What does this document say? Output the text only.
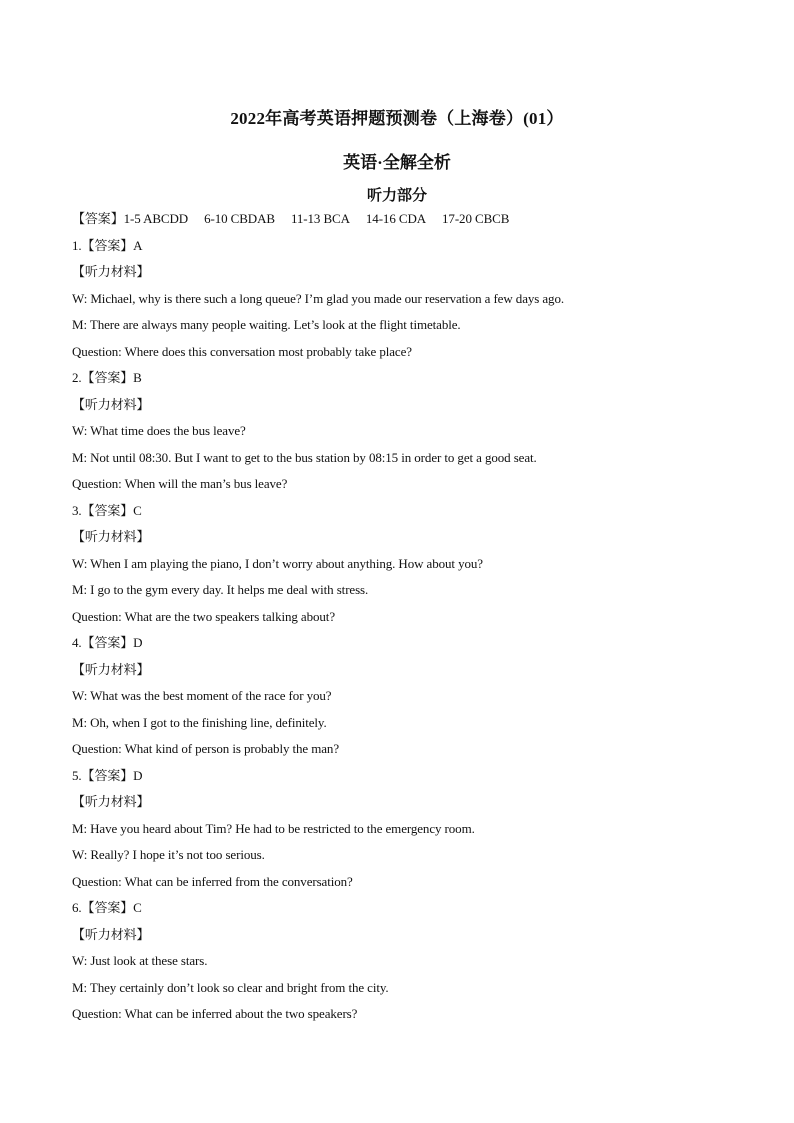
2022年高考英语押题预测卷（上海卷）(01）
英语·全解全析
听力部分
【答案】1-5 ABCDD 6-10 CBDAB 11-13 BCA 14-16 CDA 17-20 CBCB
1.【答案】A
【听力材料】
W: Michael, why is there such a long queue? I’m glad you made our reservation a few days ago.
M: There are always many people waiting. Let’s look at the flight timetable.
Question: Where does this conversation most probably take place?
2.【答案】B
【听力材料】
W: What time does the bus leave?
M: Not until 08:30. But I want to get to the bus station by 08:15 in order to get a good seat.
Question: When will the man’s bus leave?
3.【答案】C
【听力材料】
W: When I am playing the piano, I don’t worry about anything. How about you?
M: I go to the gym every day. It helps me deal with stress.
Question: What are the two speakers talking about?
4.【答案】D
【听力材料】
W: What was the best moment of the race for you?
M: Oh, when I got to the finishing line, definitely.
Question: What kind of person is probably the man?
5.【答案】D
【听力材料】
M: Have you heard about Tim? He had to be restricted to the emergency room.
W: Really? I hope it’s not too serious.
Question: What can be inferred from the conversation?
6.【答案】C
【听力材料】
W: Just look at these stars.
M: They certainly don’t look so clear and bright from the city.
Question: What can be inferred about the two speakers?
